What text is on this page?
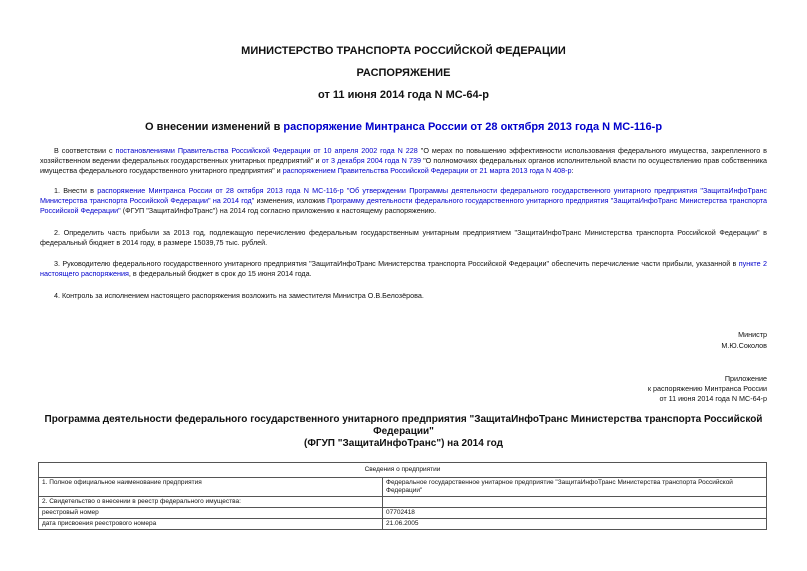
МИНИСТЕРСТВО ТРАНСПОРТА РОССИЙСКОЙ ФЕДЕРАЦИИ
РАСПОРЯЖЕНИЕ
от 11 июня 2014 года N МС-64-р
О внесении изменений в распоряжение Минтранса России от 28 октября 2013 года N МС-116-р
В соответствии с постановлениями Правительства Российской Федерации от 10 апреля 2002 года N 228 "О мерах по повышению эффективности использования федерального имущества, закрепленного в хозяйственном ведении федеральных государственных унитарных предприятий" и от 3 декабря 2004 года N 739 "О полномочиях федеральных органов исполнительной власти по осуществлению прав собственника имущества федерального государственного унитарного предприятия" и распоряжением Правительства Российской Федерации от 21 марта 2013 года N 408-р:
1. Внести в распоряжение Минтранса России от 28 октября 2013 года N МС-116-р "Об утверждении Программы деятельности федерального государственного унитарного предприятия "ЗащитаИнфоТранс Министерства транспорта Российской Федерации" на 2014 год" изменения, изложив Программу деятельности федерального государственного унитарного предприятия "ЗащитаИнфоТранс Министерства транспорта Российской Федерации" (ФГУП "ЗащитаИнфоТранс") на 2014 год согласно приложению к настоящему распоряжению.
2. Определить часть прибыли за 2013 год, подлежащую перечислению федеральным государственным унитарным предприятием "ЗащитаИнфоТранс Министерства транспорта Российской Федерации" в федеральный бюджет в 2014 году, в размере 15039,75 тыс. рублей.
3. Руководителю федерального государственного унитарного предприятия "ЗащитаИнфоТранс Министерства транспорта Российской Федерации" обеспечить перечисление части прибыли, указанной в пункте 2 настоящего распоряжения, в федеральный бюджет в срок до 15 июня 2014 года.
4. Контроль за исполнением настоящего распоряжения возложить на заместителя Министра О.В.Белозёрова.
Министр
М.Ю.Соколов
Приложение
к распоряжению Минтранса России
от 11 июня 2014 года N МС-64-р
Программа деятельности федерального государственного унитарного предприятия "ЗащитаИнфоТранс Министерства транспорта Российской Федерации"
(ФГУП "ЗащитаИнфоТранс") на 2014 год
Сведения о предприятии	
1. Полное официальное наименование предприятия	Федеральное государственное унитарное предприятие "ЗащитаИнфоТранс Министерства транспорта Российской Федерации"
2. Свидетельство о внесении в реестр федерального имущества:	
реестровый номер	07702418
дата присвоения реестрового номера	21.06.2005
